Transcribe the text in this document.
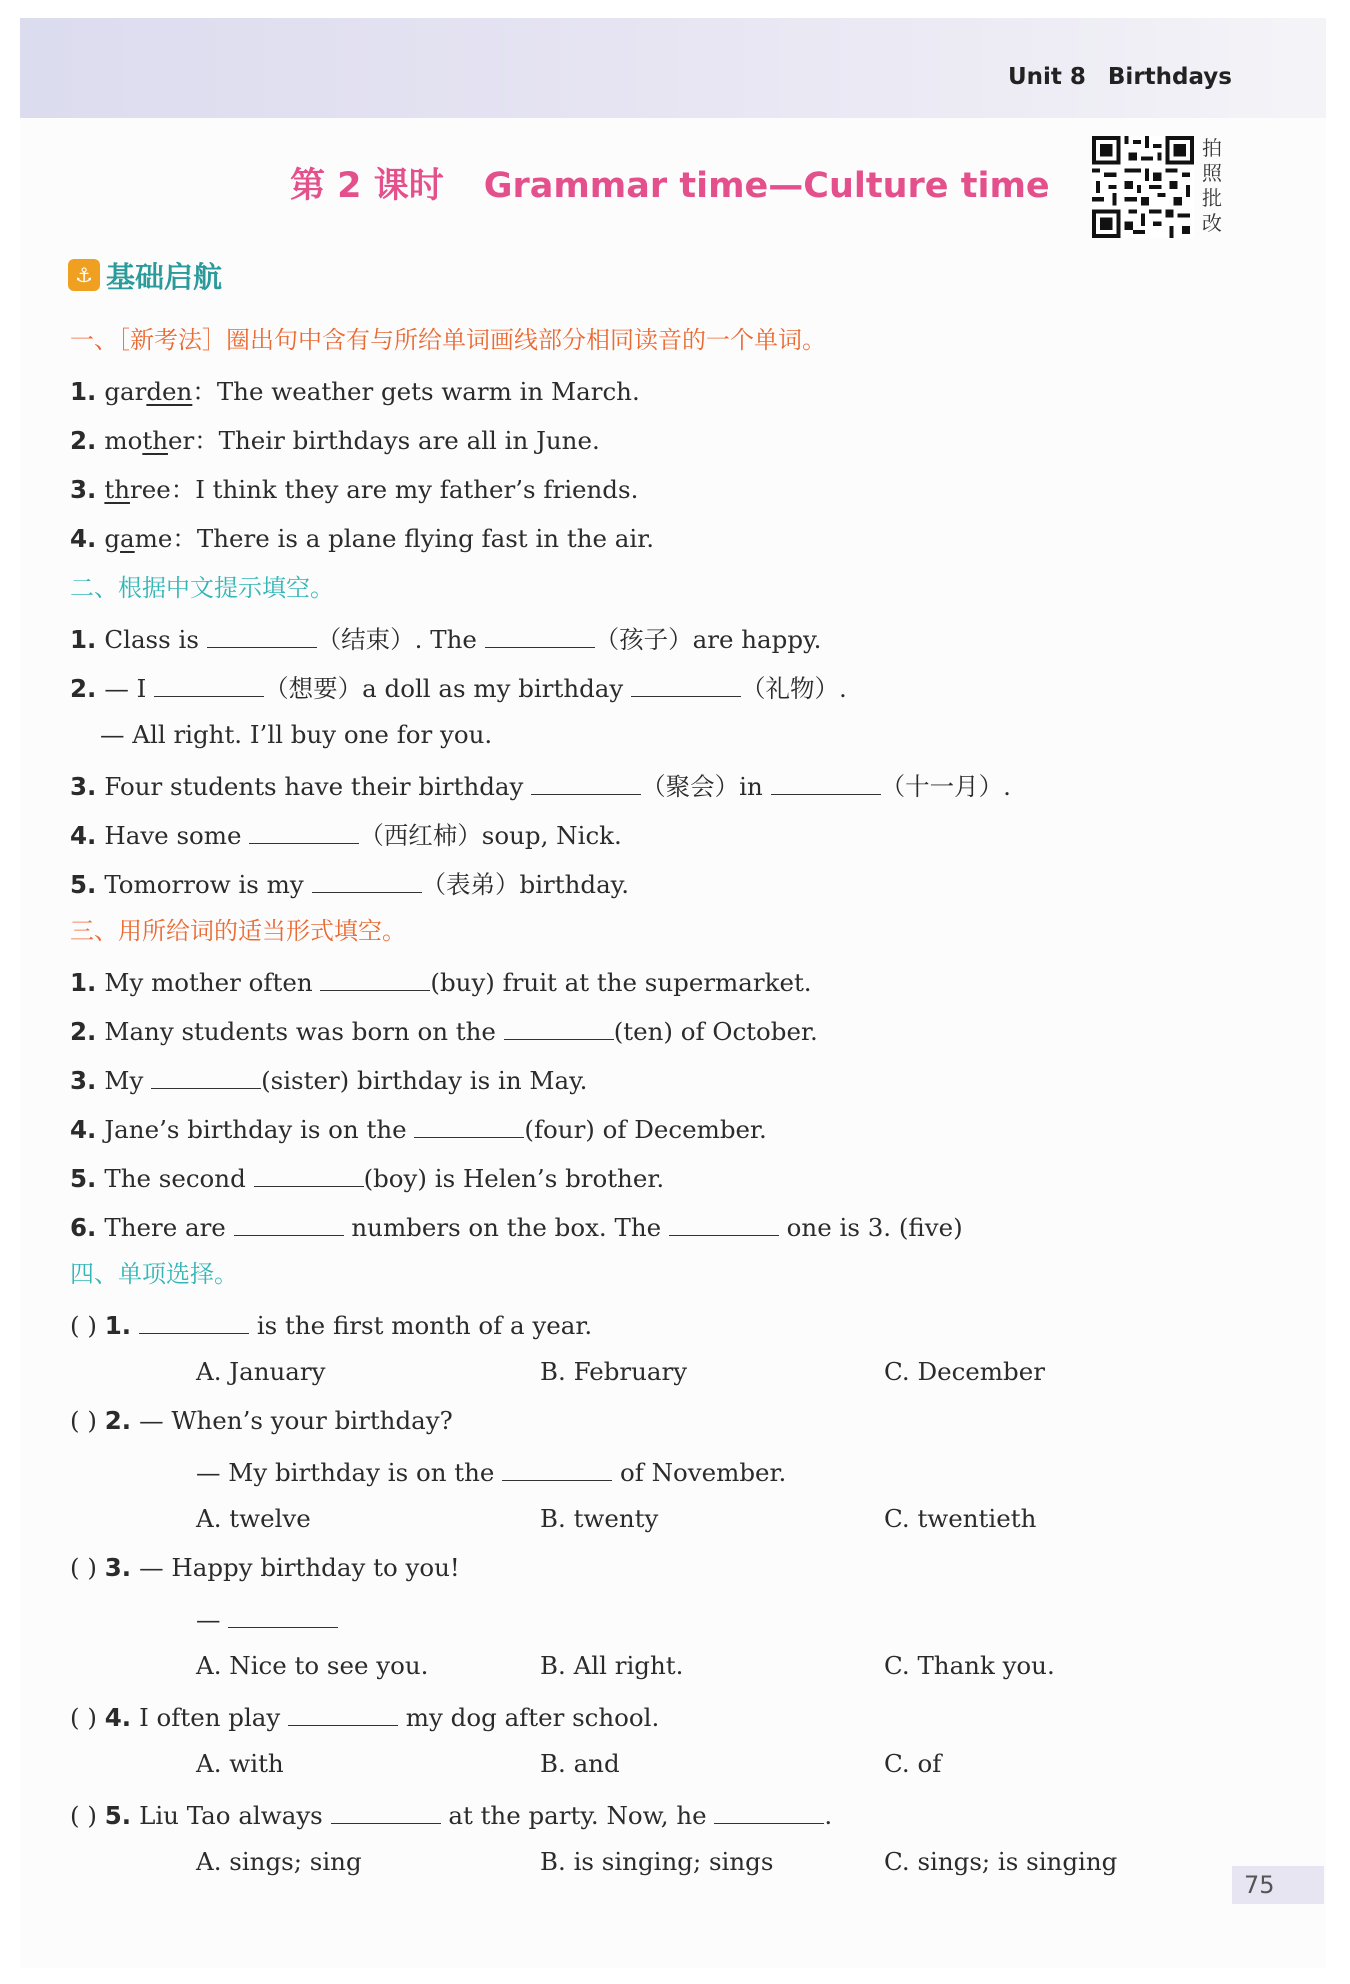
Unit 8 Birthdays
第 2 课时 Grammar time—Culture time
拍照批改
⚓ 基础启航
一、［新考法］圈出句中含有与所给单词画线部分相同读音的一个单词。
1. garden：The weather gets warm in March.
2. mother：Their birthdays are all in June.
3. three：I think they are my father’s friends.
4. game：There is a plane flying fast in the air.
二、根据中文提示填空。
1. Class is	（结束）. The	（孩子）are happy.
2. — I	（想要）a doll as my birthday	（礼物）.
— All right. I’ll buy one for you.
3. Four students have their birthday	（聚会）in	（十一月）.
4. Have some	（西红柿）soup, Nick.
5. Tomorrow is my	（表弟）birthday.
三、用所给词的适当形式填空。
1. My mother often	(buy) fruit at the supermarket.
2. Many students was born on the	(ten) of October.
3. My	(sister) birthday is in May.
4. Jane’s birthday is on the	(four) of December.
5. The second	(boy) is Helen’s brother.
6. There are	numbers on the box. The	one is 3. (five)
四、单项选择。
( ) 1.	is the first month of a year.
A. January	B. February	C. December
( ) 2. — When’s your birthday?
— My birthday is on the	of November.
A. twelve	B. twenty	C. twentieth
( ) 3. — Happy birthday to you!
—
A. Nice to see you.	B. All right.	C. Thank you.
( ) 4. I often play	my dog after school.
A. with	B. and	C. of
( ) 5. Liu Tao always	at the party. Now, he	.
A. sings; sing	B. is singing; sings	C. sings; is singing
75
